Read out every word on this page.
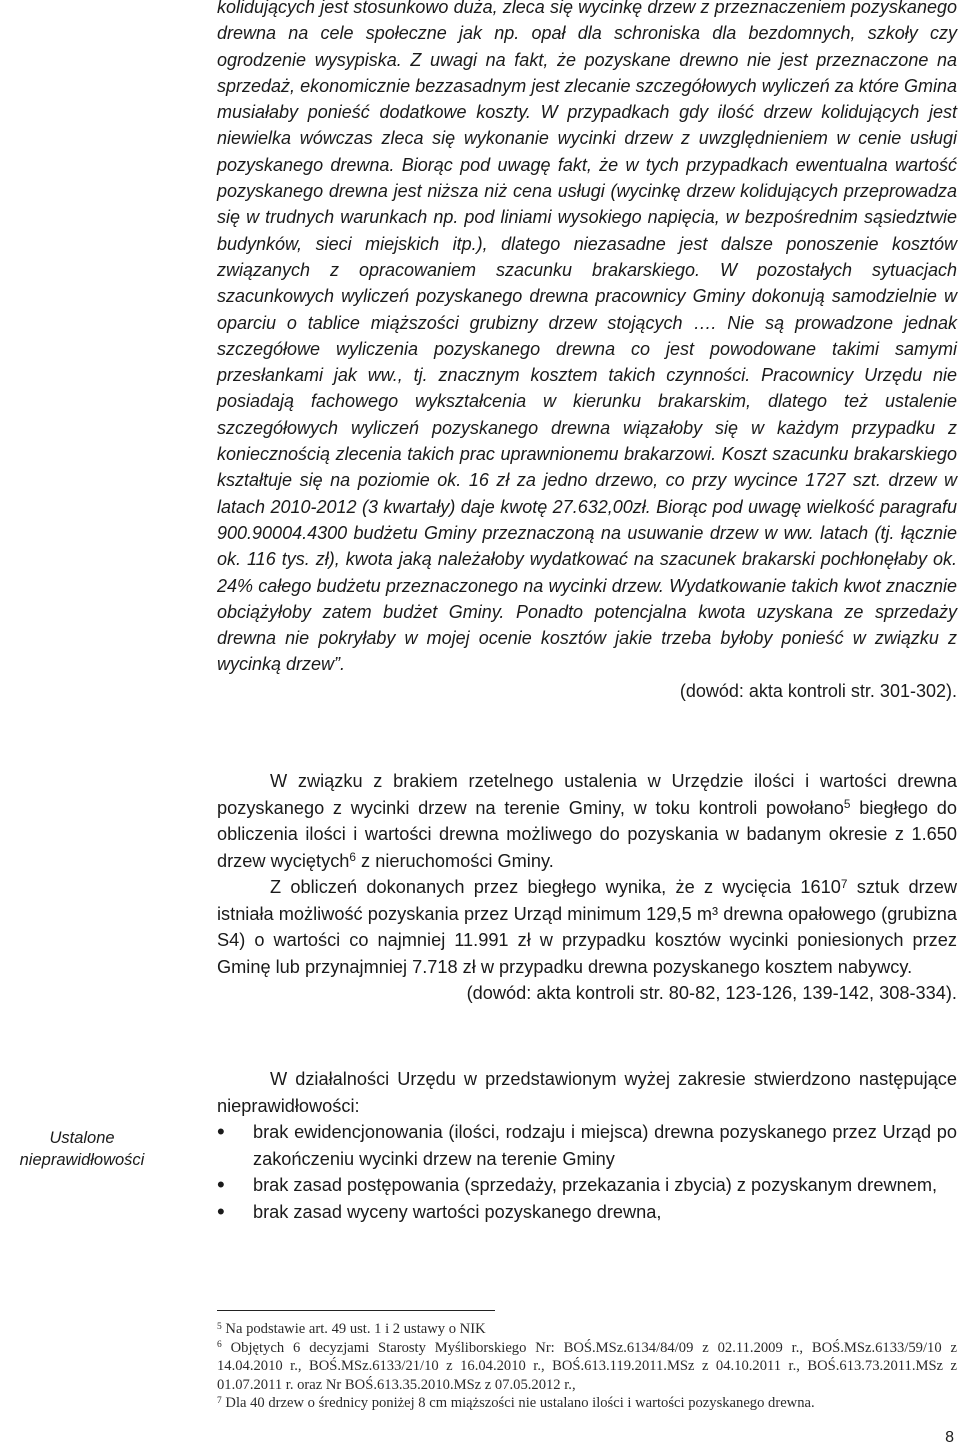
kolidujących jest stosunkowo duża, zleca się wycinkę drzew z przeznaczeniem pozyskanego drewna na cele społeczne jak np. opał dla schroniska dla bezdomnych, szkoły czy ogrodzenie wysypiska. Z uwagi na fakt, że pozyskane drewno nie jest przeznaczone na sprzedaż, ekonomicznie bezzasadnym jest zlecanie szczegółowych wyliczeń za które Gmina musiałaby ponieść dodatkowe koszty. W przypadkach gdy ilość drzew kolidujących jest niewielka wówczas zleca się wykonanie wycinki drzew z uwzględnieniem w cenie usługi pozyskanego drewna. Biorąc pod uwagę fakt, że w tych przypadkach ewentualna wartość pozyskanego drewna jest niższa niż cena usługi (wycinkę drzew kolidujących przeprowadza się w trudnych warunkach np. pod liniami wysokiego napięcia, w bezpośrednim sąsiedztwie budynków, sieci miejskich itp.), dlatego niezasadne jest dalsze ponoszenie kosztów związanych z opracowaniem szacunku brakarskiego. W pozostałych sytuacjach szacunkowych wyliczeń pozyskanego drewna pracownicy Gminy dokonują samodzielnie w oparciu o tablice miąższości grubizny drzew stojących …. Nie są prowadzone jednak szczegółowe wyliczenia pozyskanego drewna co jest powodowane takimi samymi przesłankami jak ww., tj. znacznym kosztem takich czynności. Pracownicy Urzędu nie posiadają fachowego wykształcenia w kierunku brakarskim, dlatego też ustalenie szczegółowych wyliczeń pozyskanego drewna wiązałoby się w każdym przypadku z koniecznością zlecenia takich prac uprawnionemu brakarzowi. Koszt szacunku brakarskiego kształtuje się na poziomie ok. 16 zł za jedno drzewo, co przy wycince 1727 szt. drzew w latach 2010-2012 (3 kwartały) daje kwotę 27.632,00zł. Biorąc pod uwagę wielkość paragrafu 900.90004.4300 budżetu Gminy przeznaczoną na usuwanie drzew w ww. latach (tj. łącznie ok. 116 tys. zł), kwota jaką należałoby wydatkować na szacunek brakarski pochłonęłaby ok. 24% całego budżetu przeznaczonego na wycinki drzew. Wydatkowanie takich kwot znacznie obciążyłoby zatem budżet Gminy. Ponadto potencjalna kwota uzyskana ze sprzedaży drewna nie pokryłaby w mojej ocenie kosztów jakie trzeba byłoby ponieść w związku z wycinką drzew”.
(dowód: akta kontroli str. 301-302).
W związku z brakiem rzetelnego ustalenia w Urzędzie ilości i wartości drewna pozyskanego z wycinki drzew na terenie Gminy, w toku kontroli powołano$^5$ biegłego do obliczenia ilości i wartości drewna możliwego do pozyskania w badanym okresie z 1.650 drzew wyciętych$^6$ z nieruchomości Gminy.
Z obliczeń dokonanych przez biegłego wynika, że z wycięcia 1610$^7$ sztuk drzew istniała możliwość pozyskania przez Urząd minimum 129,5 m³ drewna opałowego (grubizna S4) o wartości co najmniej 11.991 zł w przypadku kosztów wycinki poniesionych przez Gminę lub przynajmniej 7.718 zł w przypadku drewna pozyskanego kosztem nabywcy.
(dowód: akta kontroli str. 80-82, 123-126, 139-142, 308-334).
Ustalone
nieprawidłowości
W działalności Urzędu w przedstawionym wyżej zakresie stwierdzono następujące nieprawidłowości:
• brak ewidencjonowania (ilości, rodzaju i miejsca) drewna pozyskanego przez Urząd po zakończeniu wycinki drzew na terenie Gminy
• brak zasad postępowania (sprzedaży, przekazania i zbycia) z pozyskanym drewnem,
• brak zasad wyceny wartości pozyskanego drewna,
$^5$ Na podstawie art. 49 ust. 1 i 2 ustawy o NIK
$^6$ Objętych 6 decyzjami Starosty Myśliborskiego Nr: BOŚ.MSz.6134/84/09 z 02.11.2009 r., BOŚ.MSz.6133/59/10 z 14.04.2010 r., BOŚ.MSz.6133/21/10 z 16.04.2010 r., BOŚ.613.119.2011.MSz z 04.10.2011 r., BOŚ.613.73.2011.MSz z 01.07.2011 r. oraz Nr BOŚ.613.35.2010.MSz z 07.05.2012 r.,
$^7$ Dla 40 drzew o średnicy poniżej 8 cm miąższości nie ustalano ilości i wartości pozyskanego drewna.
8
